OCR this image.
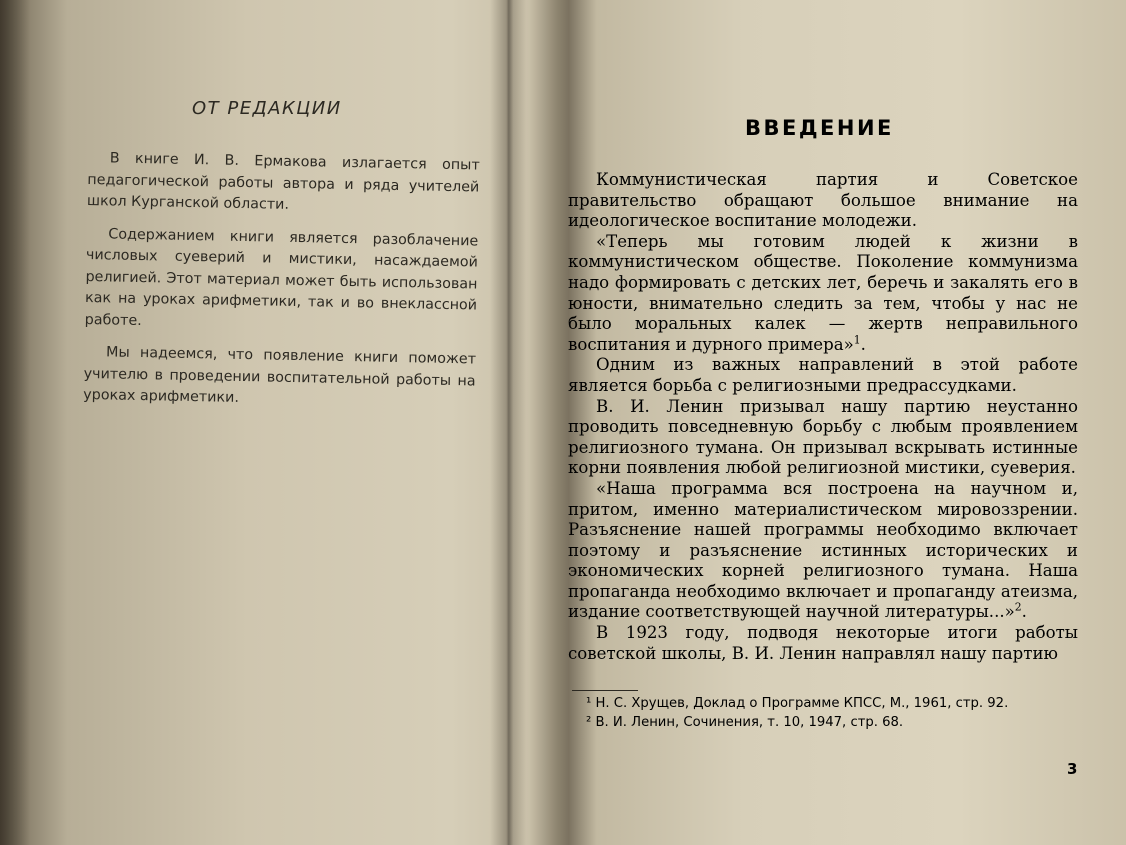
ОТ РЕДАКЦИИ

В книге И. В. Ермакова излагается опыт педагогической работы автора и ряда учителей школ Курганской области.

Содержанием книги является разоблачение числовых суеверий и мистики, насаждаемой религией. Этот материал может быть использован как на уроках арифметики, так и во внеклассной работе.

Мы надеемся, что появление книги поможет учителю в проведении воспитательной работы на уроках арифметики.

ВВЕДЕНИЕ

Коммунистическая партия и Советское правительство обращают большое внимание на идеологическое воспитание молодежи.

«Теперь мы готовим людей к жизни в коммунистическом обществе. Поколение коммунизма надо формировать с детских лет, беречь и закалять его в юности, внимательно следить за тем, чтобы у нас не было моральных калек — жертв неправильного воспитания и дурного примера»$^1$.

Одним из важных направлений в этой работе является борьба с религиозными предрассудками.

В. И. Ленин призывал нашу партию неустанно проводить повседневную борьбу с любым проявлением религиозного тумана. Он призывал вскрывать истинные корни появления любой религиозной мистики, суеверия.

«Наша программа вся построена на научном и, притом, именно материалистическом мировоззрении. Разъяснение нашей программы необходимо включает поэтому и разъяснение истинных исторических и экономических корней религиозного тумана. Наша пропаганда необходимо включает и пропаганду атеизма, издание соответствующей научной литературы...»$^2$.

В 1923 году, подводя некоторые итоги работы советской школы, В. И. Ленин направлял нашу партию

¹ Н. С. Хрущев, Доклад о Программе КПСС, М., 1961, стр. 92.

² В. И. Ленин, Сочинения, т. 10, 1947, стр. 68.

3
